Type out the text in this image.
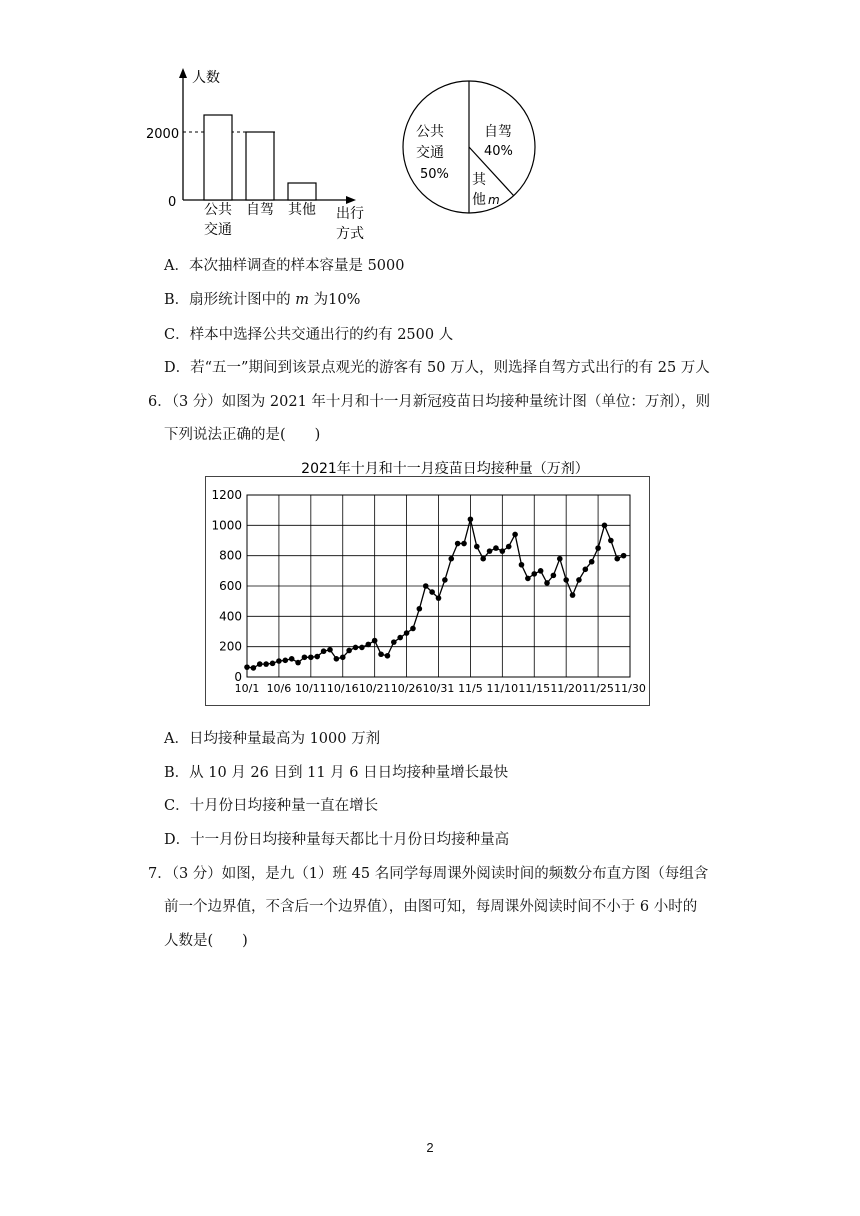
人数
2000
0 公共
交通
自驾 其他 出行
方式
公共
交通
50%
自驾
40%
其
他 m
A．本次抽样调查的样本容量是 5000
B．扇形统计图中的 m 为10%
C．样本中选择公共交通出行的约有 2500 人
D．若“五一”期间到该景点观光的游客有 50 万人，则选择自驾方式出行的有 25 万人
6．（3 分）如图为 2021 年十月和十一月新冠疫苗日均接种量统计图（单位：万剂），则
下列说法正确的是(　　)
2021年十月和十一月疫苗日均接种量（万剂）
0
200
400
600
800
1000
1200
10/1 10/6 10/11 10/16 10/21 10/26 10/31 11/5 11/10 11/15 11/20 11/25 11/30
A．日均接种量最高为 1000 万剂
B．从 10 月 26 日到 11 月 6 日日均接种量增长最快
C．十月份日均接种量一直在增长
D．十一月份日均接种量每天都比十月份日均接种量高
7．（3 分）如图，是九（1）班 45 名同学每周课外阅读时间的频数分布直方图（每组含
前一个边界值，不含后一个边界值），由图可知，每周课外阅读时间不小于 6 小时的
人数是(　　)
2
